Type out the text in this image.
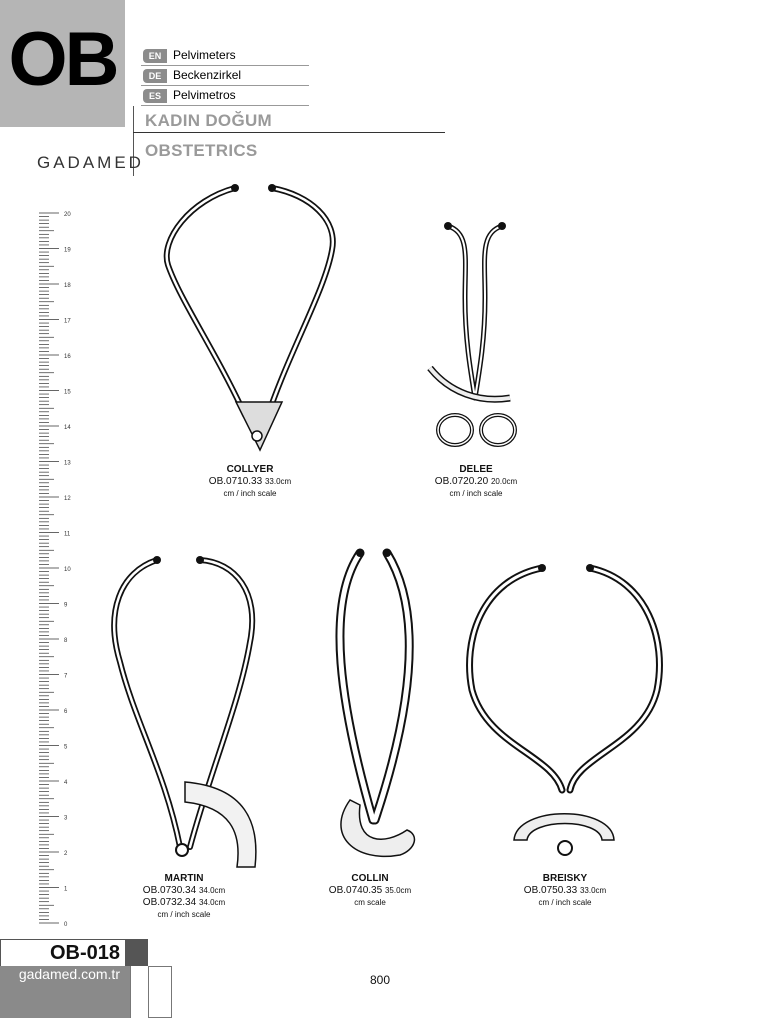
OB	EN Pelvimeters
DE Beckenzirkel
ES	Pelvimetros
KADIN DOĞUM
OBSTETRICS
GADAMED
20
19
18
17
16
15
14
13
12
11
10
9
8
7
6
5
4
3
2
1
0
COLLYER
OB.0710.33 33.0cm
cm / inch scale
DELEE
OB.0720.20 20.0cm
cm / inch scale
MARTIN
OB.0730.34 34.0cm
OB.0732.34 34.0cm
cm / inch scale
COLLIN
OB.0740.35 35.0cm
cm scale
BREISKY
OB.0750.33 33.0cm
cm / inch scale
OB-018
gadamed.com.tr	800
